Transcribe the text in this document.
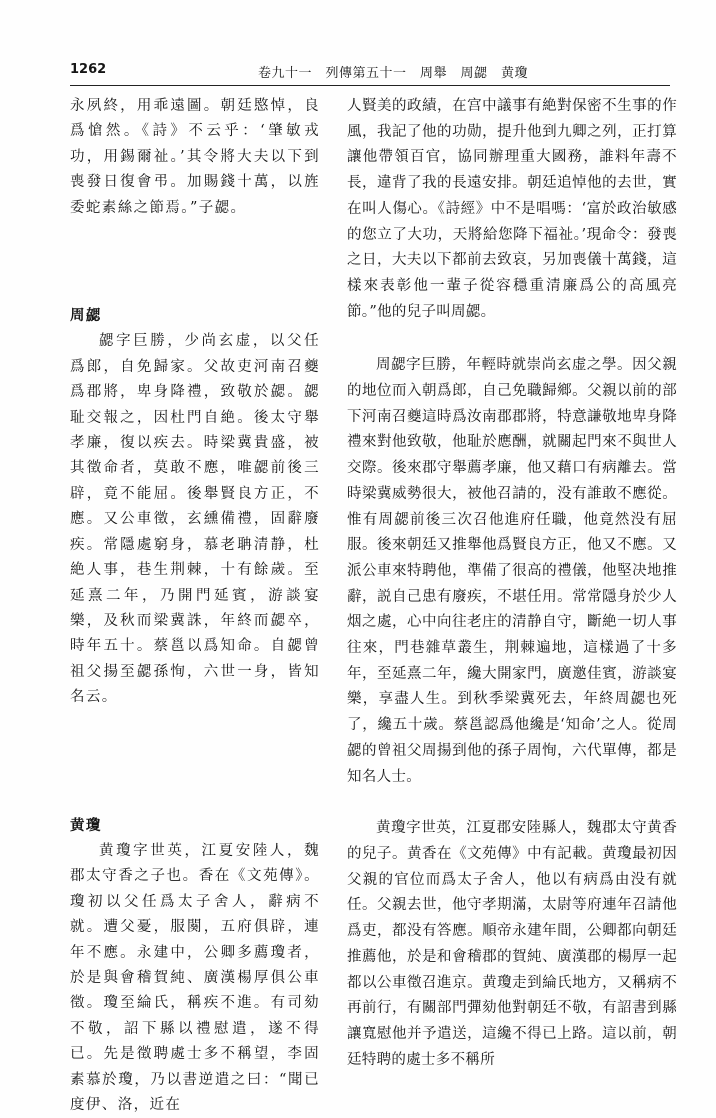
1262	卷九十一　列傳第五十一　周舉　周勰　黄瓊

永夙終，用乖遠圖。朝廷愍悼，良爲愴然。《詩》不云乎：‘肇敏戎功，用錫爾祉。’其令將大夫以下到喪發日復會弔。加賜錢十萬，以旌委蛇素絲之節焉。”子勰。

周勰

勰字巨勝，少尚玄虚，以父任爲郎，自免歸家。父故吏河南召夔爲郡將，卑身降禮，致敬於勰。勰耻交報之，因杜門自絶。後太守舉孝廉，復以疾去。時梁冀貴盛，被其徵命者，莫敢不應，唯勰前後三辟，竟不能屈。後舉賢良方正，不應。又公車徵，玄纁備禮，固辭廢疾。常隱處窮身，慕老聃清静，杜絶人事，巷生荆棘，十有餘歲。至延熹二年，乃開門延賓，游談宴樂，及秋而梁冀誅，年終而勰卒，時年五十。蔡邕以爲知命。自勰曾祖父揚至勰孫恂，六世一身，皆知名云。

黄瓊

黄瓊字世英，江夏安陸人，魏郡太守香之子也。香在《文苑傳》。瓊初以父任爲太子舍人，辭病不就。遭父憂，服闋，五府俱辟，連年不應。永建中，公卿多薦瓊者，於是與會稽賀純、廣漢楊厚俱公車徵。瓊至綸氏，稱疾不進。有司劾不敬，詔下縣以禮慰遣，遂不得已。先是徵聘處士多不稱望，李固素慕於瓊，乃以書逆遣之曰：“聞已度伊、洛，近在

人賢美的政績，在宫中議事有絶對保密不生事的作風，我記了他的功勋，提升他到九卿之列，正打算讓他帶領百官，協同辦理重大國務，誰料年壽不長，違背了我的長遠安排。朝廷追悼他的去世，實在叫人傷心。《詩經》中不是唱嗎：‘富於政治敏感的您立了大功，天將給您降下福祉。’現命令：發喪之日，大夫以下都前去致哀，另加喪儀十萬錢，這樣來表彰他一輩子從容穩重清廉爲公的高風亮節。”他的兒子叫周勰。

周勰字巨勝，年輕時就崇尚玄虚之學。因父親的地位而入朝爲郎，自己免職歸鄉。父親以前的部下河南召夔這時爲汝南郡郡將，特意謙敬地卑身降禮來對他致敬，他耻於應酬，就關起門來不與世人交際。後來郡守舉薦孝廉，他又藉口有病離去。當時梁冀威勢很大，被他召請的，没有誰敢不應從。惟有周勰前後三次召他進府任職，他竟然没有屈服。後來朝廷又推舉他爲賢良方正，他又不應。又派公車來特聘他，準備了很高的禮儀，他堅决地推辭，説自己患有廢疾，不堪任用。常常隱身於少人烟之處，心中向往老庄的清静自守，斷絶一切人事往來，門巷雜草叢生，荆棘遍地，這樣過了十多年，至延熹二年，纔大開家門，廣邀佳賓，游談宴樂，享盡人生。到秋季梁冀死去，年終周勰也死了，纔五十歲。蔡邕認爲他纔是‘知命’之人。從周勰的曾祖父周揚到他的孫子周恂，六代單傳，都是知名人士。

黄瓊字世英，江夏郡安陸縣人，魏郡太守黄香的兒子。黄香在《文苑傳》中有記載。黄瓊最初因父親的官位而爲太子舍人，他以有病爲由没有就任。父親去世，他守孝期滿，太尉等府連年召請他爲吏，都没有答應。順帝永建年間，公卿都向朝廷推薦他，於是和會稽郡的賀純、廣漢郡的楊厚一起都以公車徵召進京。黄瓊走到綸氏地方，又稱病不再前行，有關部門彈劾他對朝廷不敬，有詔書到縣讓寬慰他并予遣送，這纔不得已上路。這以前，朝廷特聘的處士多不稱所
